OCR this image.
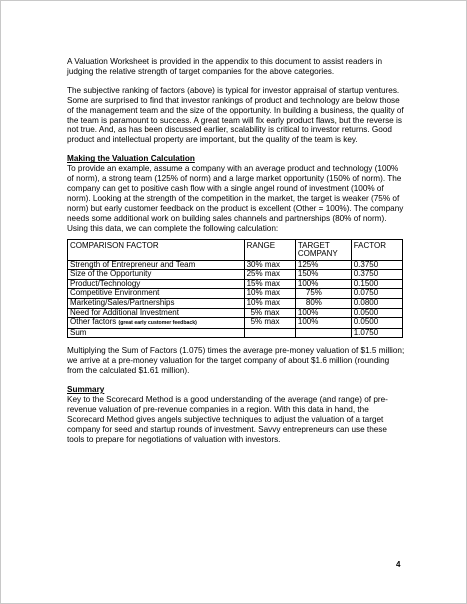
A Valuation Worksheet is provided in the appendix to this document to assist readers in judging the relative strength of target companies for the above categories.

The subjective ranking of factors (above) is typical for investor appraisal of startup ventures. Some are surprised to find that investor rankings of product and technology are below those of the management team and the size of the opportunity. In building a business, the quality of the team is paramount to success. A great team will fix early product flaws, but the reverse is not true. And, as has been discussed earlier, scalability is critical to investor returns. Good product and intellectual property are important, but the quality of the team is key.

Making the Valuation Calculation

To provide an example, assume a company with an average product and technology (100% of norm), a strong team (125% of norm) and a large market opportunity (150% of norm). The company can get to positive cash flow with a single angel round of investment (100% of norm). Looking at the strength of the competition in the market, the target is weaker (75% of norm) but early customer feedback on the product is excellent (Other = 100%). The company needs some additional work on building sales channels and partnerships (80% of norm). Using this data, we can complete the following calculation:

COMPARISON FACTOR	RANGE	TARGET COMPANY	FACTOR
Strength of Entrepreneur and Team	30% max	125%	0.3750
Size of the Opportunity	25% max	150%	0.3750
Product/Technology	15% max	100%	0.1500
Competitive Environment	10% max	75%	0.0750
Marketing/Sales/Partnerships	10% max	80%	0.0800
Need for Additional Investment	5% max	100%	0.0500
Other factors (great early customer feedback)	5% max	100%	0.0500
Sum			1.0750

Multiplying the Sum of Factors (1.075) times the average pre-money valuation of $1.5 million; we arrive at a pre-money valuation for the target company of about $1.6 million (rounding from the calculated $1.61 million).

Summary

Key to the Scorecard Method is a good understanding of the average (and range) of pre-revenue valuation of pre-revenue companies in a region. With this data in hand, the Scorecard Method gives angels subjective techniques to adjust the valuation of a target company for seed and startup rounds of investment. Savvy entrepreneurs can use these tools to prepare for negotiations of valuation with investors.

4
